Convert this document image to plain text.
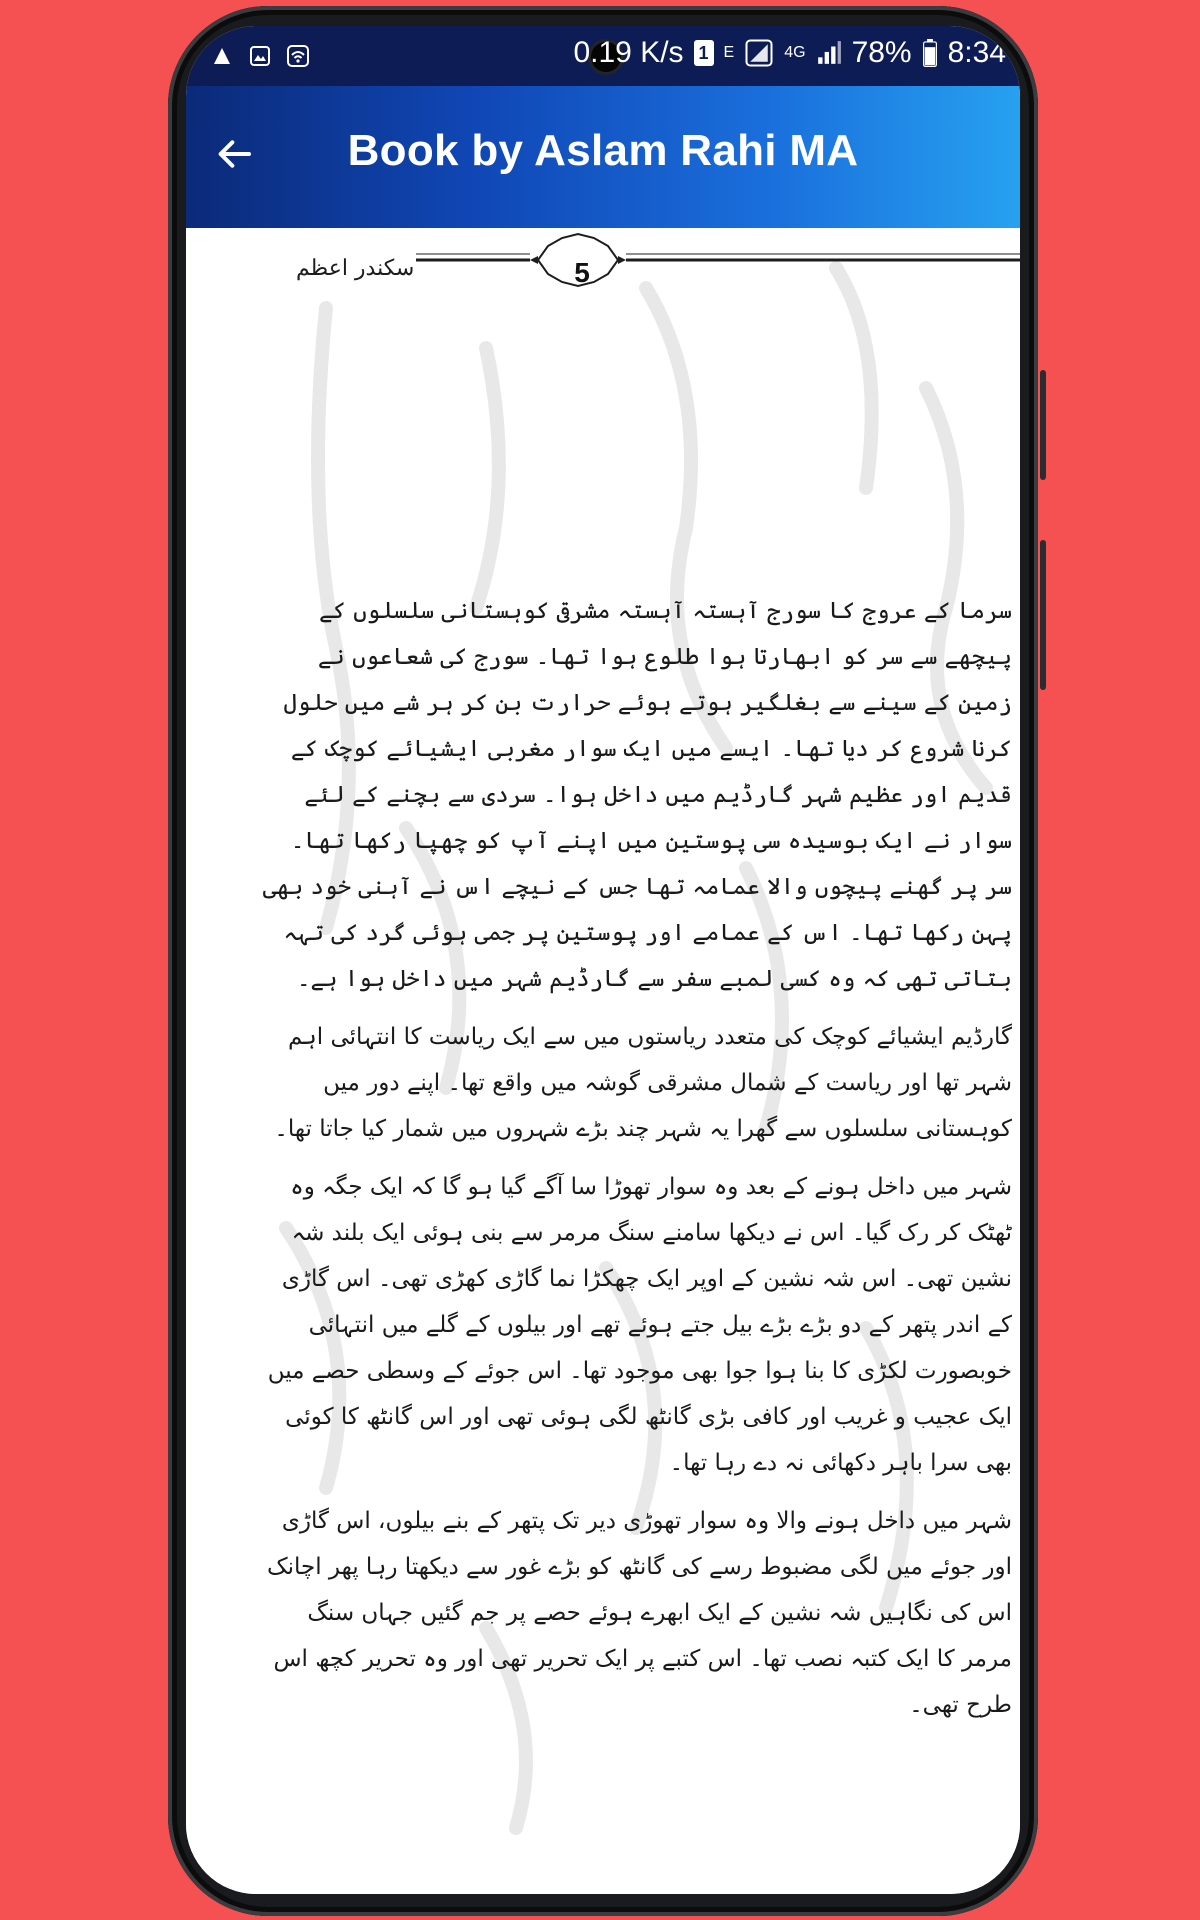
0.19 K/s 1 E	4G 78% 8:34
Book by Aslam Rahi MA
سکندر اعظم	5

سرما کے عروج کا سورج آہستہ آہستہ مشرقی کوہستانی سلسلوں کے پیچھے سے سر کو ابھارتا ہوا طلوع ہوا تھا۔ سورج کی شعاعوں نے زمین کے سینے سے بغلگیر ہوتے ہوئے حرارت بن کر ہر شے میں حلول کرنا شروع کر دیا تھا۔ ایسے میں ایک سوار مغربی ایشیائے کوچک کے قدیم اور عظیم شہر گارڈیم میں داخل ہوا۔ سردی سے بچنے کے لئے سوار نے ایک بوسیدہ سی پوستین میں اپنے آپ کو چھپا رکھا تھا۔ سر پر گھنے پیچوں والا عمامہ تھا جس کے نیچے اس نے آہنی خود بھی پہن رکھا تھا۔ اس کے عمامے اور پوستین پر جمی ہوئی گرد کی تہہ بتاتی تھی کہ وہ کسی لمبے سفر سے گارڈیم شہر میں داخل ہوا ہے۔

گارڈیم ایشیائے کوچک کی متعدد ریاستوں میں سے ایک ریاست کا انتہائی اہم شہر تھا اور ریاست کے شمال مشرقی گوشہ میں واقع تھا۔ اپنے دور میں کوہستانی سلسلوں سے گھرا یہ شہر چند بڑے شہروں میں شمار کیا جاتا تھا۔

شہر میں داخل ہونے کے بعد وہ سوار تھوڑا سا آگے گیا ہو گا کہ ایک جگہ وہ ٹھٹک کر رک گیا۔ اس نے دیکھا سامنے سنگ مرمر سے بنی ہوئی ایک بلند شہ نشین تھی۔ اس شہ نشین کے اوپر ایک چھکڑا نما گاڑی کھڑی تھی۔ اس گاڑی کے اندر پتھر کے دو بڑے بڑے بیل جتے ہوئے تھے اور بیلوں کے گلے میں انتہائی خوبصورت لکڑی کا بنا ہوا جوا بھی موجود تھا۔ اس جوئے کے وسطی حصے میں ایک عجیب و غریب اور کافی بڑی گانٹھ لگی ہوئی تھی اور اس گانٹھ کا کوئی بھی سرا باہر دکھائی نہ دے رہا تھا۔

شہر میں داخل ہونے والا وہ سوار تھوڑی دیر تک پتھر کے بنے بیلوں، اس گاڑی اور جوئے میں لگی مضبوط رسے کی گانٹھ کو بڑے غور سے دیکھتا رہا پھر اچانک اس کی نگاہیں شہ نشین کے ایک ابھرے ہوئے حصے پر جم گئیں جہاں سنگ مرمر کا ایک کتبہ نصب تھا۔ اس کتبے پر ایک تحریر تھی اور وہ تحریر کچھ اس طرح تھی۔
